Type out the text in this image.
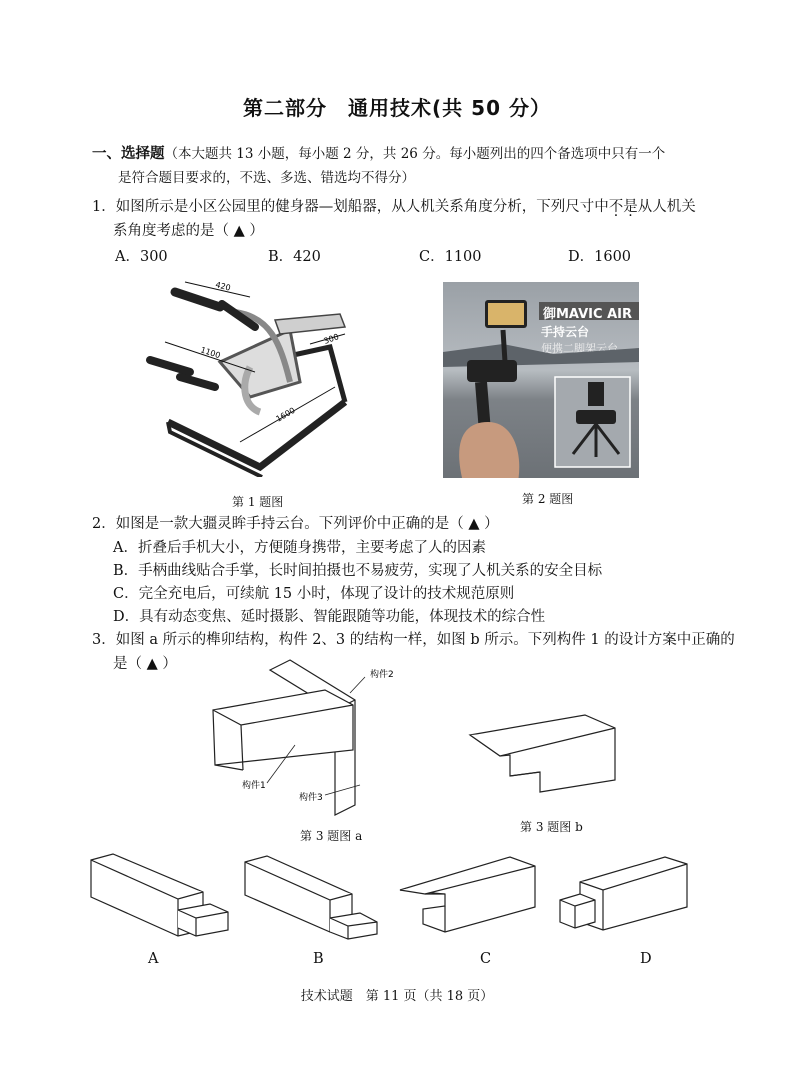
第二部分　通用技术(共 50 分）
一、选择题（本大题共 13 小题，每小题 2 分，共 26 分。每小题列出的四个备选项中只有一个
是符合题目要求的，不选、多选、错选均不得分）
1．如图所示是小区公园里的健身器—划船器，从人机关系角度分析，下列尺寸中不是从人机关
系角度考虑的是（ ▲ ）
A．300	B．420	C．1100	D．1600
420
300
1100
1600
第 1 题图
御MAVIC AIR
手持云台
便携二脚架云台
第 2 题图
2．如图是一款大疆灵眸手持云台。下列评价中正确的是（ ▲ ）
A．折叠后手机大小，方便随身携带，主要考虑了人的因素
B．手柄曲线贴合手掌，长时间拍摄也不易疲劳，实现了人机关系的安全目标
C．完全充电后，可续航 15 小时，体现了设计的技术规范原则
D．具有动态变焦、延时摄影、智能跟随等功能，体现技术的综合性
3．如图 a 所示的榫卯结构，构件 2、3 的结构一样，如图 b 所示。下列构件 1 的设计方案中正确的
是（ ▲ ）
构件1
构件2
构件3
第 3 题图 a
第 3 题图 b
A	B	C	D
技术试题　第 11 页（共 18 页）
